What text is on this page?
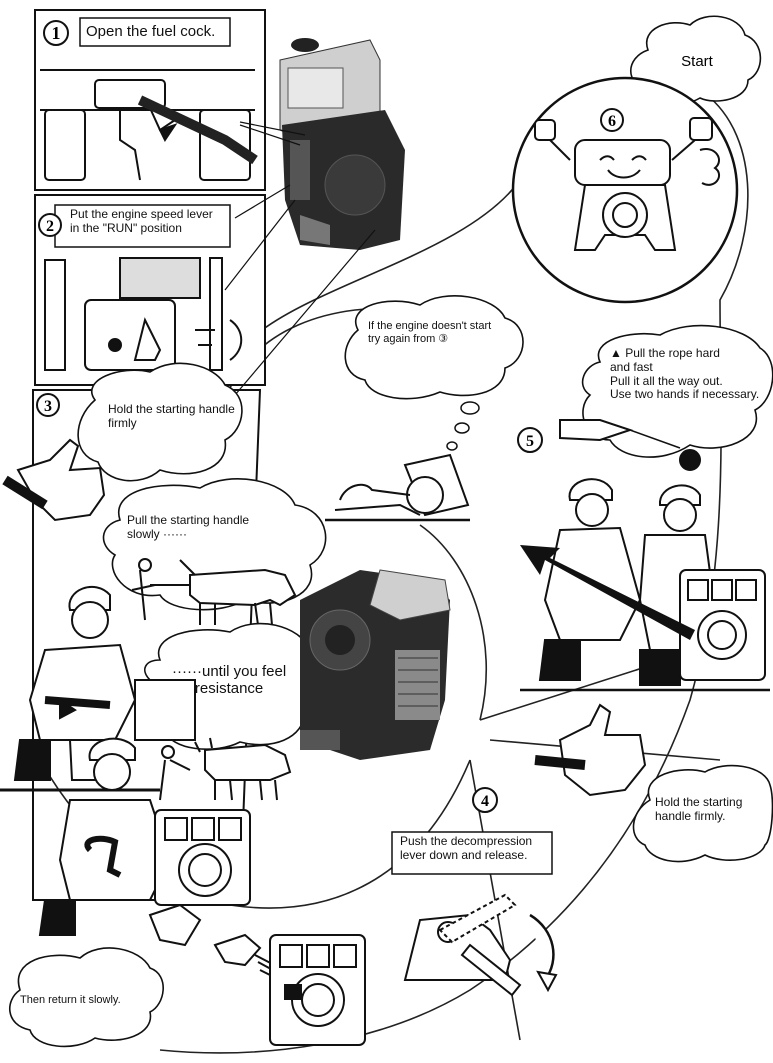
1
2
3
4
5
6
Start
Open the fuel cock.
Put the engine speed lever
in the "RUN" position
Hold the starting handle
firmly
Pull the starting handle
slowly ······
······until you feel
resistance
Then return it slowly.
If the engine doesn't start
try again from ③
Push the decompression
lever down and release.
▲ Pull the rope hard
and fast
Pull it all the way out.
Use two hands if necessary.
Hold the starting
handle firmly.
